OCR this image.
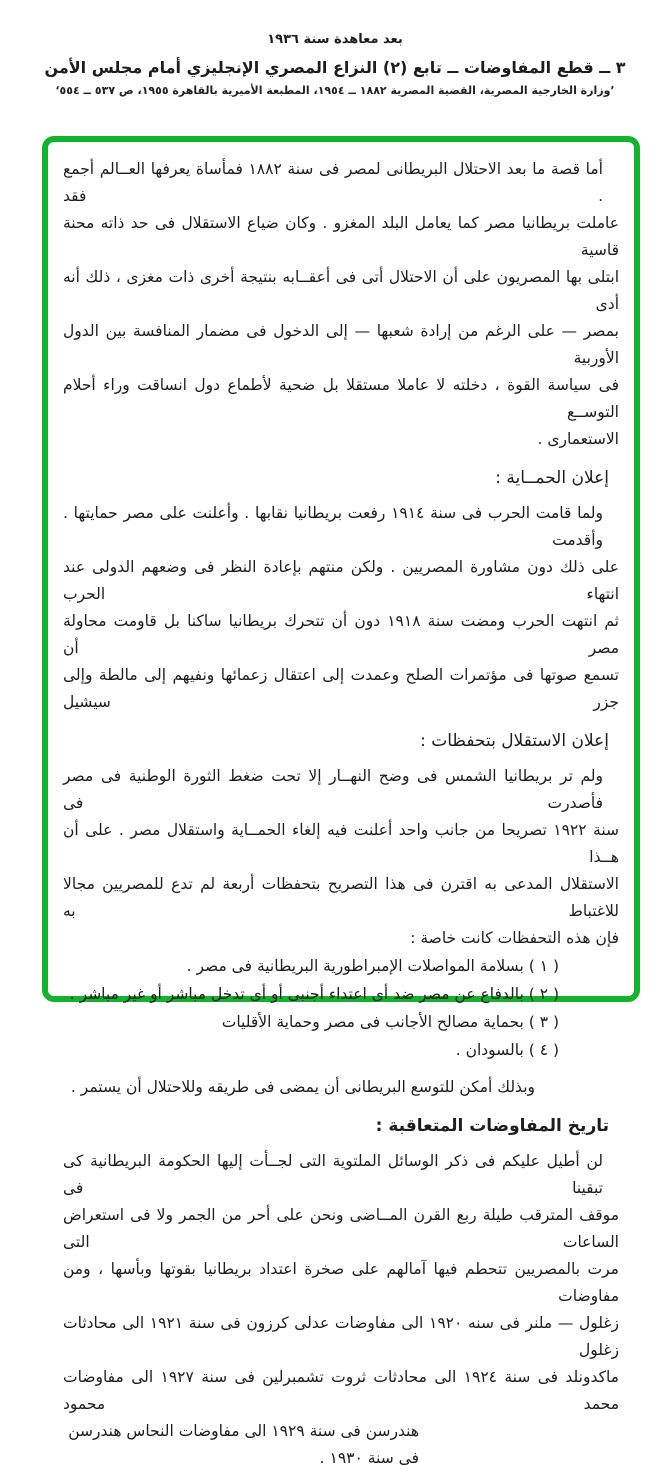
بعد معاهدة سنة ١٩٣٦
٣ ــ قطع المفاوضات ــ تابع (٢) النزاع المصري الإنجليزي أمام مجلس الأمن
’وزارة الخارجية المصرية، القضية المصرية ١٨٨٢ ــ ١٩٥٤، المطبعة الأميرية بالقاهرة ١٩٥٥، ص ٥٣٧ ــ ٥٥٤‘
أما قصة ما بعد الاحتلال البريطانى لمصر فى سنة ١٨٨٢ فمأساة يعرفها العــالم أجمع . فقد
عاملت بريطانيا مصر كما يعامل البلد المغزو . وكان ضياع الاستقلال فى حد ذاته محنة قاسية
ابتلى بها المصريون على أن الاحتلال أتى فى أعقــابه بنتيجة أخرى ذات مغزى ، ذلك أنه أدى
بمصر — على الرغم من إرادة شعبها — إلى الدخول فى مضمار المنافسة بين الدول الأوربية
فى سياسة القوة ، دخلته لا عاملا مستقلا بل ضحية لأطماع دول انساقت وراء أحلام التوســع
الاستعمارى .
إعلان الحمــاية :
ولما قامت الحرب فى سنة ١٩١٤ رفعت بريطانيا نقابها . وأعلنت على مصر حمايتها . وأقدمت
على ذلك دون مشاورة المصريين . ولكن منتهم بإعادة النظر فى وضعهم الدولى عند انتهاء الحرب
ثم انتهت الحرب ومضت سنة ١٩١٨ دون أن تتحرك بريطانيا ساكنا بل قاومت محاولة مصر أن
تسمع صوتها فى مؤتمرات الصلح وعمدت إلى اعتقال زعمائها ونفيهم إلى مالطة وإلى جزر سيشيل
إعلان الاستقلال بتحفظات :
ولم تر بريطانيا الشمس فى وضح النهــار إلا تحت ضغط الثورة الوطنية فى مصر فأصدرت فى
سنة ١٩٢٢ تصريحا من جانب واحد أعلنت فيه إلغاء الحمــاية واستقلال مصر . على أن هــذا
الاستقلال المدعى به اقترن فى هذا التصريح بتحفظات أربعة لم تدع للمصريين مجالا للاغتباط به
فإن هذه التحفظات كانت خاصة :
( ١ ) بسلامة المواصلات الإمبراطورية البريطانية فى مصر .
( ٢ ) بالدفاع عن مصر ضد أى اعتداء أجنبى أو أى تدخل مباشر أو غير مباشر .
( ٣ ) بحماية مصالح الأجانب فى مصر وحماية الأقليات
( ٤ ) بالسودان .
وبذلك أمكن للتوسع البريطانى أن يمضى فى طريقه وللاحتلال أن يستمر .
تاريخ المفاوضات المتعاقبة :
لن أطيل عليكم فى ذكر الوسائل الملتوية التى لجــأت إليها الحكومة البريطانية كى تبقينا فى
موقف المترقب طيلة ربع القرن المــاضى ونحن على أحر من الجمر ولا فى استعراض الساعات التى
مرت بالمصريين تتحطم فيها آمالهم على صخرة اعتداد بريطانيا بقوتها وبأسها ، ومن مفاوضات
زغلول — ملنر فى سنه ١٩٢٠ الى مفاوضات عدلى كرزون فى سنة ١٩٢١ الى محادثات زغلول
ماكدونلد فى سنة ١٩٢٤ الى محادثات ثروت تشمبرلين فى سنة ١٩٢٧ الى مفاوضات محمد محمود
هندرسن فى سنة ١٩٢٩ الى مفاوضات النحاس هندرسن فى سنة ١٩٣٠ .
